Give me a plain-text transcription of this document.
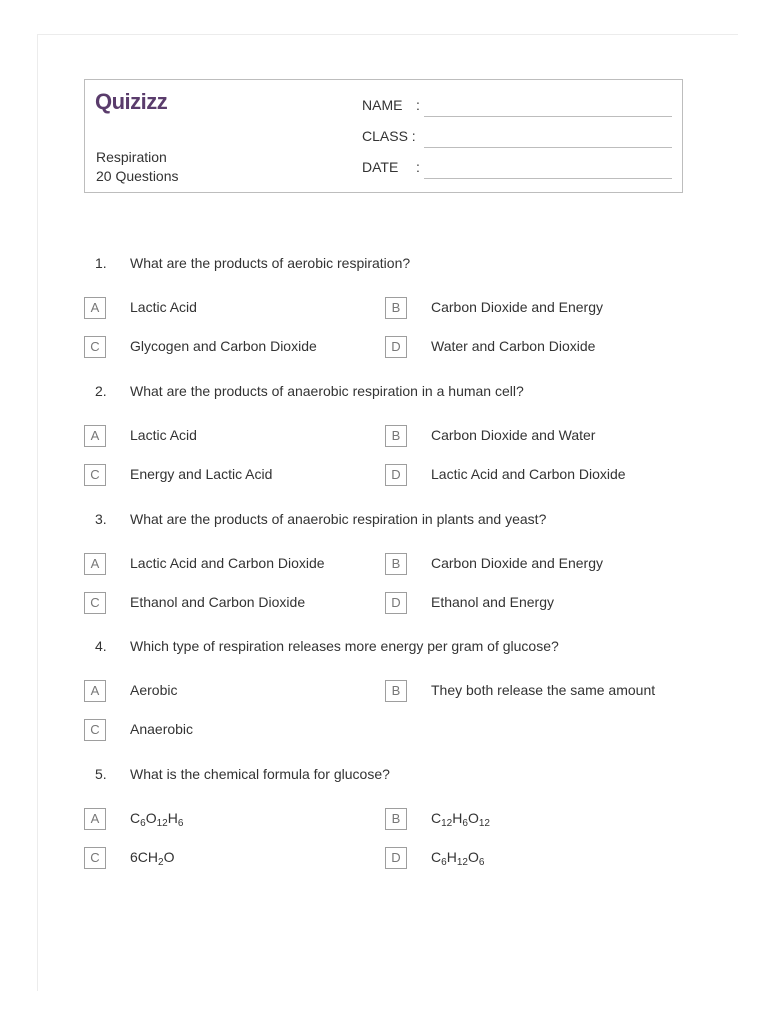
Quizizz
Respiration
20 Questions
NAME :
CLASS :
DATE :
1. What are the products of aerobic respiration?
A	Lactic Acid	B	Carbon Dioxide and Energy
C	Glycogen and Carbon Dioxide	D	Water and Carbon Dioxide
2. What are the products of anaerobic respiration in a human cell?
A	Lactic Acid	B	Carbon Dioxide and Water
C	Energy and Lactic Acid	D	Lactic Acid and Carbon Dioxide
3. What are the products of anaerobic respiration in plants and yeast?
A	Lactic Acid and Carbon Dioxide	B	Carbon Dioxide and Energy
C	Ethanol and Carbon Dioxide	D	Ethanol and Energy
4. Which type of respiration releases more energy per gram of glucose?
A	Aerobic	B	They both release the same amount
C	Anaerobic
5. What is the chemical formula for glucose?
A	$C_6O_{12}H_6$	B	$C_{12}H_6O_{12}$
C	$6CH_2O$	D	$C_6H_{12}O_6$
